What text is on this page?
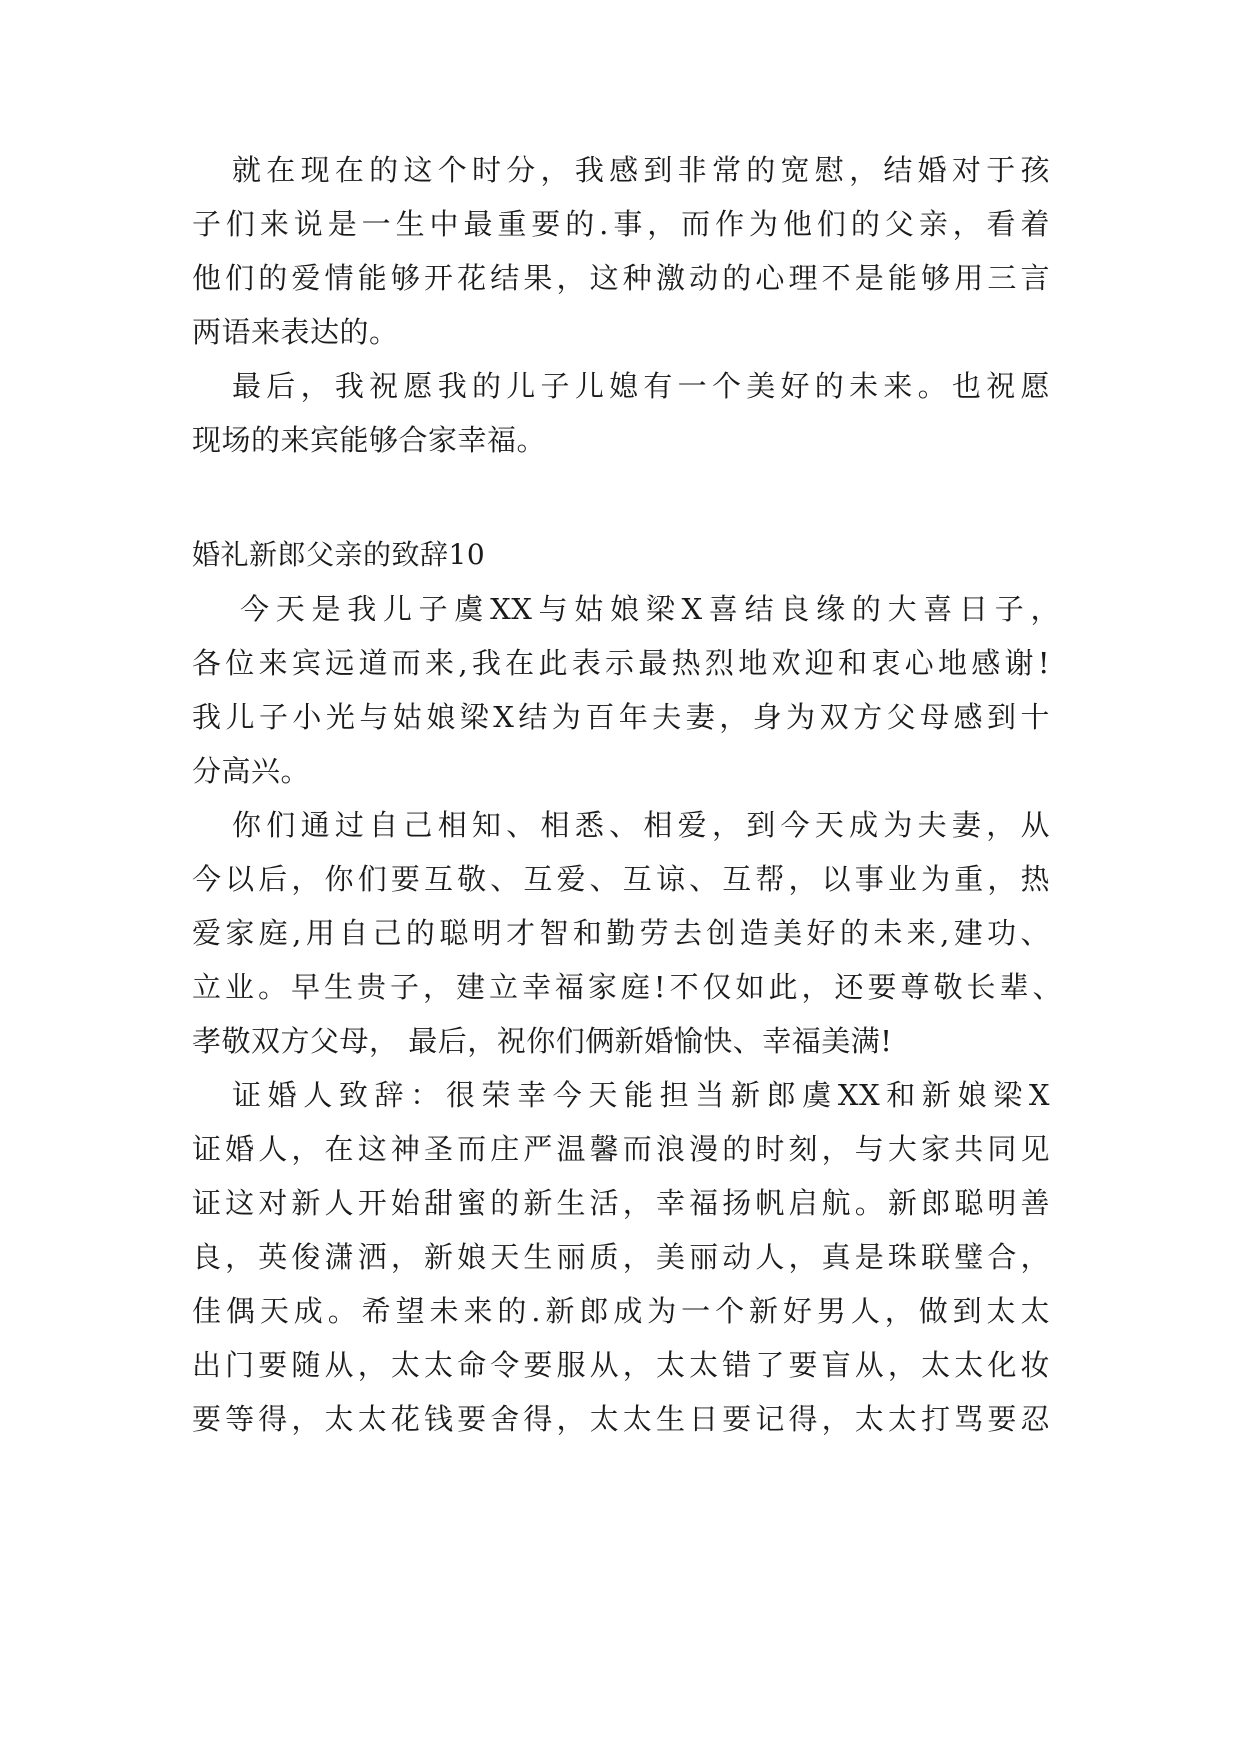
就在现在的这个时分，我感到非常的宽慰，结婚对于孩
子们来说是一生中最重要的.事，而作为他们的父亲，看着
他们的爱情能够开花结果，这种激动的心理不是能够用三言
两语来表达的。
最后，我祝愿我的儿子儿媳有一个美好的未来。也祝愿
现场的来宾能够合家幸福。
婚礼新郎父亲的致辞10
今天是我儿子虞XX与姑娘梁X喜结良缘的大喜日子，
各位来宾远道而来,我在此表示最热烈地欢迎和衷心地感谢!
我儿子小光与姑娘梁X结为百年夫妻，身为双方父母感到十
分高兴。
你们通过自己相知、相悉、相爱，到今天成为夫妻，从
今以后，你们要互敬、互爱、互谅、互帮，以事业为重，热
爱家庭,用自己的聪明才智和勤劳去创造美好的未来,建功、
立业。早生贵子，建立幸福家庭!不仅如此，还要尊敬长辈、
孝敬双方父母， 最后，祝你们俩新婚愉快、幸福美满!
证婚人致辞：很荣幸今天能担当新郎虞XX和新娘梁X
证婚人，在这神圣而庄严温馨而浪漫的时刻，与大家共同见
证这对新人开始甜蜜的新生活，幸福扬帆启航。新郎聪明善
良，英俊潇洒，新娘天生丽质，美丽动人，真是珠联璧合，
佳偶天成。希望未来的.新郎成为一个新好男人，做到太太
出门要随从，太太命令要服从，太太错了要盲从，太太化妆
要等得，太太花钱要舍得，太太生日要记得，太太打骂要忍
